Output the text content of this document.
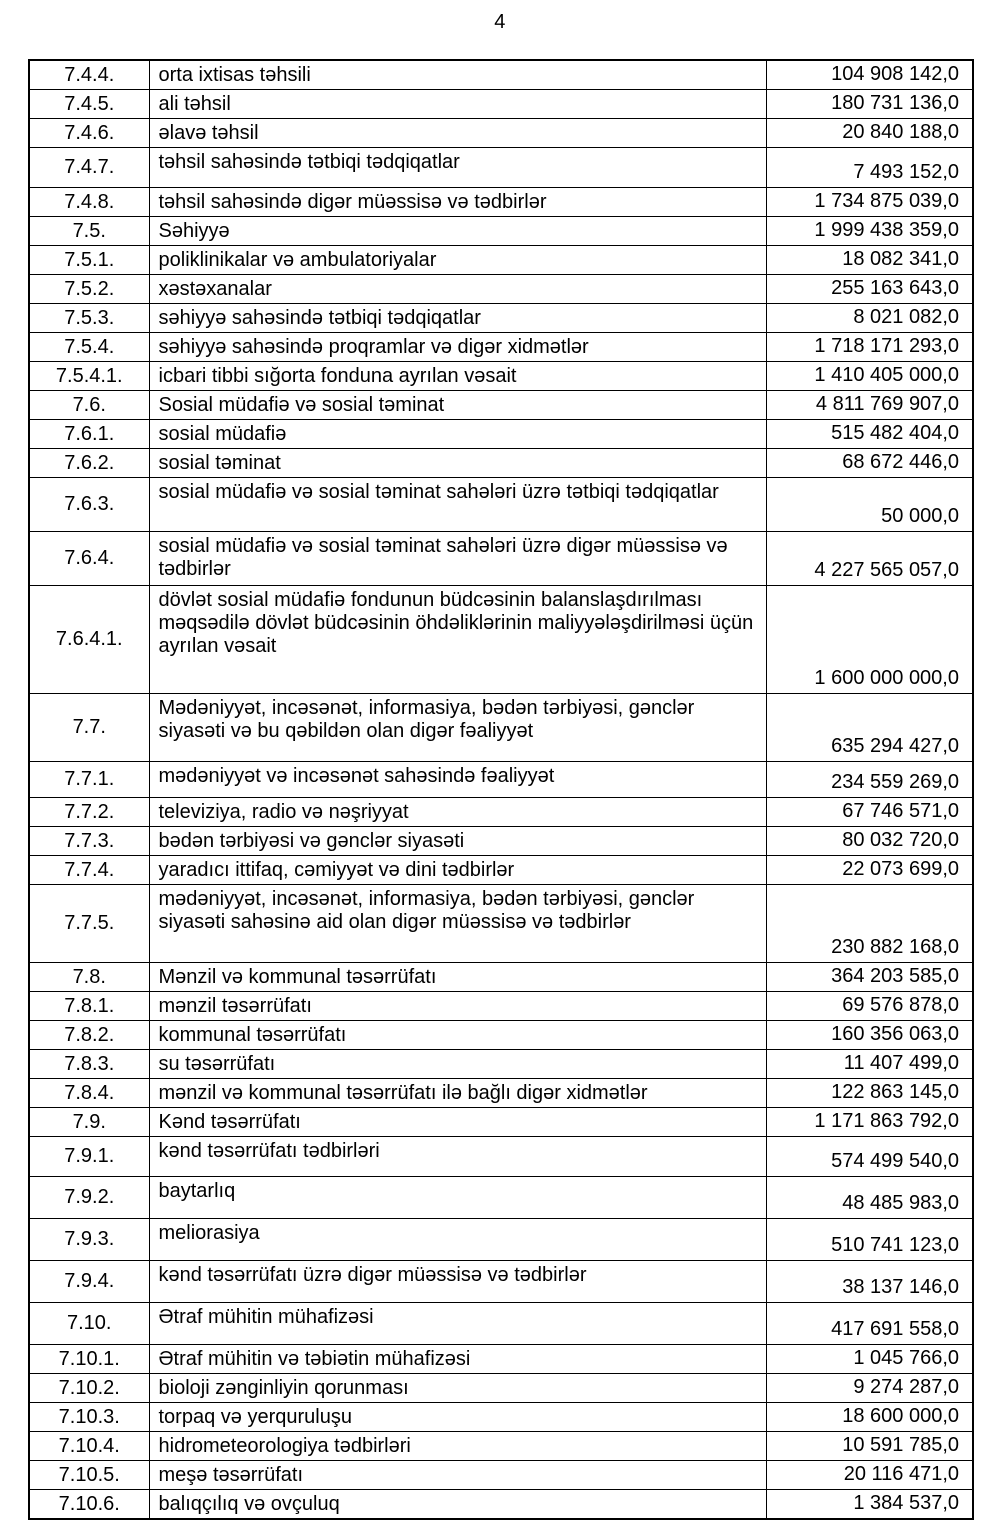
4
7.4.4.	orta ixtisas təhsili	104 908 142,0
7.4.5.	ali təhsil	180 731 136,0
7.4.6.	əlavə təhsil	20 840 188,0
7.4.7.	təhsil sahəsində tətbiqi tədqiqatlar	7 493 152,0
7.4.8.	təhsil sahəsində digər müəssisə və tədbirlər	1 734 875 039,0
7.5.	Səhiyyə	1 999 438 359,0
7.5.1.	poliklinikalar və ambulatoriyalar	18 082 341,0
7.5.2.	xəstəxanalar	255 163 643,0
7.5.3.	səhiyyə sahəsində tətbiqi tədqiqatlar	8 021 082,0
7.5.4.	səhiyyə sahəsində proqramlar və digər xidmətlər	1 718 171 293,0
7.5.4.1.	icbari tibbi sığorta fonduna ayrılan vəsait	1 410 405 000,0
7.6.	Sosial müdafiə və sosial təminat	4 811 769 907,0
7.6.1.	sosial müdafiə	515 482 404,0
7.6.2.	sosial təminat	68 672 446,0
7.6.3.	sosial müdafiə və sosial təminat sahələri üzrə tətbiqi tədqiqatlar	50 000,0
7.6.4.	sosial müdafiə və sosial təminat sahələri üzrə digər müəssisə və tədbirlər	4 227 565 057,0
7.6.4.1.	dövlət sosial müdafiə fondunun büdcəsinin balanslaşdırılması məqsədilə dövlət büdcəsinin öhdəliklərinin maliyyələşdirilməsi üçün ayrılan vəsait	1 600 000 000,0
7.7.	Mədəniyyət, incəsənət, informasiya, bədən tərbiyəsi, gənclər siyasəti və bu qəbildən olan digər fəaliyyət	635 294 427,0
7.7.1.	mədəniyyət və incəsənət sahəsində fəaliyyət	234 559 269,0
7.7.2.	televiziya, radio və nəşriyyat	67 746 571,0
7.7.3.	bədən tərbiyəsi və gənclər siyasəti	80 032 720,0
7.7.4.	yaradıcı ittifaq, cəmiyyət və dini tədbirlər	22 073 699,0
7.7.5.	mədəniyyət, incəsənət, informasiya, bədən tərbiyəsi, gənclər siyasəti sahəsinə aid olan digər müəssisə və tədbirlər	230 882 168,0
7.8.	Mənzil və kommunal təsərrüfatı	364 203 585,0
7.8.1.	mənzil təsərrüfatı	69 576 878,0
7.8.2.	kommunal təsərrüfatı	160 356 063,0
7.8.3.	su təsərrüfatı	11 407 499,0
7.8.4.	mənzil və kommunal təsərrüfatı ilə bağlı digər xidmətlər	122 863 145,0
7.9.	Kənd təsərrüfatı	1 171 863 792,0
7.9.1.	kənd təsərrüfatı tədbirləri	574 499 540,0
7.9.2.	baytarlıq	48 485 983,0
7.9.3.	meliorasiya	510 741 123,0
7.9.4.	kənd təsərrüfatı üzrə digər müəssisə və tədbirlər	38 137 146,0
7.10.	Ətraf mühitin mühafizəsi	417 691 558,0
7.10.1.	Ətraf mühitin və təbiətin mühafizəsi	1 045 766,0
7.10.2.	bioloji zənginliyin qorunması	9 274 287,0
7.10.3.	torpaq və yerquruluşu	18 600 000,0
7.10.4.	hidrometeorologiya tədbirləri	10 591 785,0
7.10.5.	meşə təsərrüfatı	20 116 471,0
7.10.6.	balıqçılıq və ovçuluq	1 384 537,0
